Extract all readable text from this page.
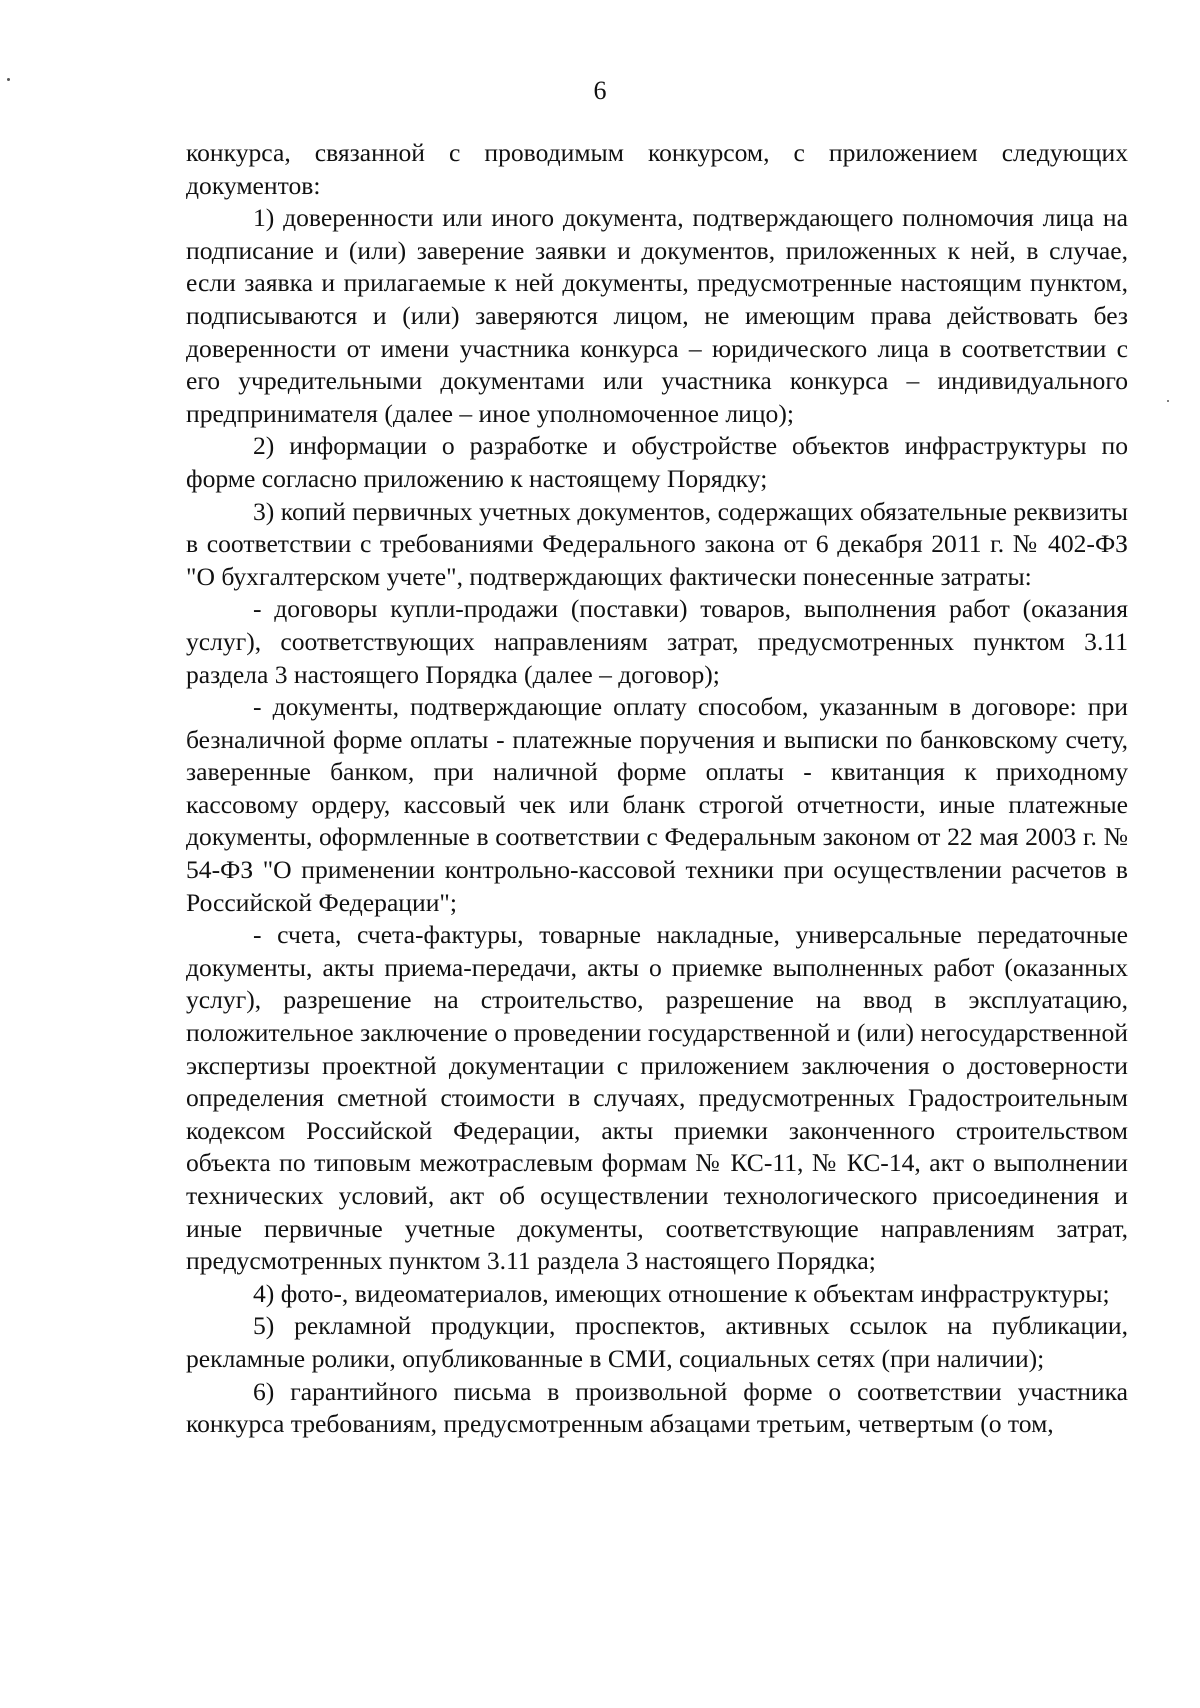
6

конкурса, связанной с проводимым конкурсом, с приложением следующих документов:

1) доверенности или иного документа, подтверждающего полномочия лица на подписание и (или) заверение заявки и документов, приложенных к ней, в случае, если заявка и прилагаемые к ней документы, предусмотренные настоящим пунктом, подписываются и (или) заверяются лицом, не имеющим права действовать без доверенности от имени участника конкурса – юридического лица в соответствии с его учредительными документами или участника конкурса – индивидуального предпринимателя (далее – иное уполномоченное лицо);

2) информации о разработке и обустройстве объектов инфраструктуры по форме согласно приложению к настоящему Порядку;

3) копий первичных учетных документов, содержащих обязательные реквизиты в соответствии с требованиями Федерального закона от 6 декабря 2011 г. № 402-ФЗ "О бухгалтерском учете", подтверждающих фактически понесенные затраты:

- договоры купли-продажи (поставки) товаров, выполнения работ (оказания услуг), соответствующих направлениям затрат, предусмотренных пунктом 3.11 раздела 3 настоящего Порядка (далее – договор);

- документы, подтверждающие оплату способом, указанным в договоре: при безналичной форме оплаты - платежные поручения и выписки по банковскому счету, заверенные банком, при наличной форме оплаты - квитанция к приходному кассовому ордеру, кассовый чек или бланк строгой отчетности, иные платежные документы, оформленные в соответствии с Федеральным законом от 22 мая 2003 г. № 54-ФЗ "О применении контрольно-кассовой техники при осуществлении расчетов в Российской Федерации";

- счета, счета-фактуры, товарные накладные, универсальные передаточные документы, акты приема-передачи, акты о приемке выполненных работ (оказанных услуг), разрешение на строительство, разрешение на ввод в эксплуатацию, положительное заключение о проведении государственной и (или) негосударственной экспертизы проектной документации с приложением заключения о достоверности определения сметной стоимости в случаях, предусмотренных Градостроительным кодексом Российской Федерации, акты приемки законченного строительством объекта по типовым межотраслевым формам № КС-11, № КС-14, акт о выполнении технических условий, акт об осуществлении технологического присоединения и иные первичные учетные документы, соответствующие направлениям затрат, предусмотренных пунктом 3.11 раздела 3 настоящего Порядка;

4) фото-, видеоматериалов, имеющих отношение к объектам инфраструктуры;

5) рекламной продукции, проспектов, активных ссылок на публикации, рекламные ролики, опубликованные в СМИ, социальных сетях (при наличии);

6) гарантийного письма в произвольной форме о соответствии участника конкурса требованиям, предусмотренным абзацами третьим, четвертым (о том,
